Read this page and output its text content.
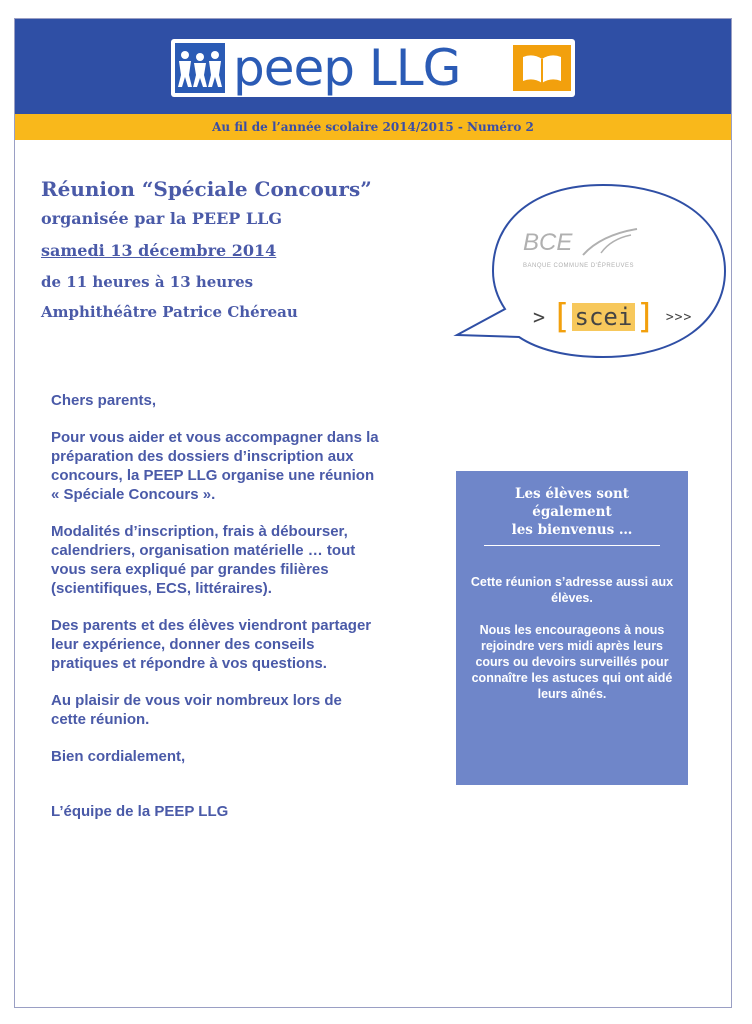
peep LLG
Au fil de l’année scolaire 2014/2015 - Numéro 2
Réunion “Spéciale Concours”
organisée par la PEEP LLG
samedi 13 décembre 2014
de 11 heures à 13 heures
Amphithéâtre Patrice Chéreau
BCE
BANQUE COMMUNE D'ÉPREUVES
> [ scei ] >>>

Chers parents,

Pour vous aider et vous accompagner dans la préparation des dossiers d’inscription aux concours, la PEEP LLG organise une réunion « Spéciale Concours ».

Modalités d’inscription, frais à débourser, calendriers, organisation matérielle … tout vous sera expliqué par grandes filières (scientifiques, ECS, littéraires).

Des parents et des élèves viendront partager leur expérience, donner des conseils pratiques et répondre à vos questions.

Au plaisir de vous voir nombreux lors de cette réunion.

Bien cordialement,

L’équipe de la PEEP LLG

Les élèves sont
également
les bienvenus …
Cette réunion s’adresse aussi aux élèves.
Nous les encourageons à nous rejoindre vers midi après leurs cours ou devoirs surveillés pour connaître les astuces qui ont aidé leurs aînés.
